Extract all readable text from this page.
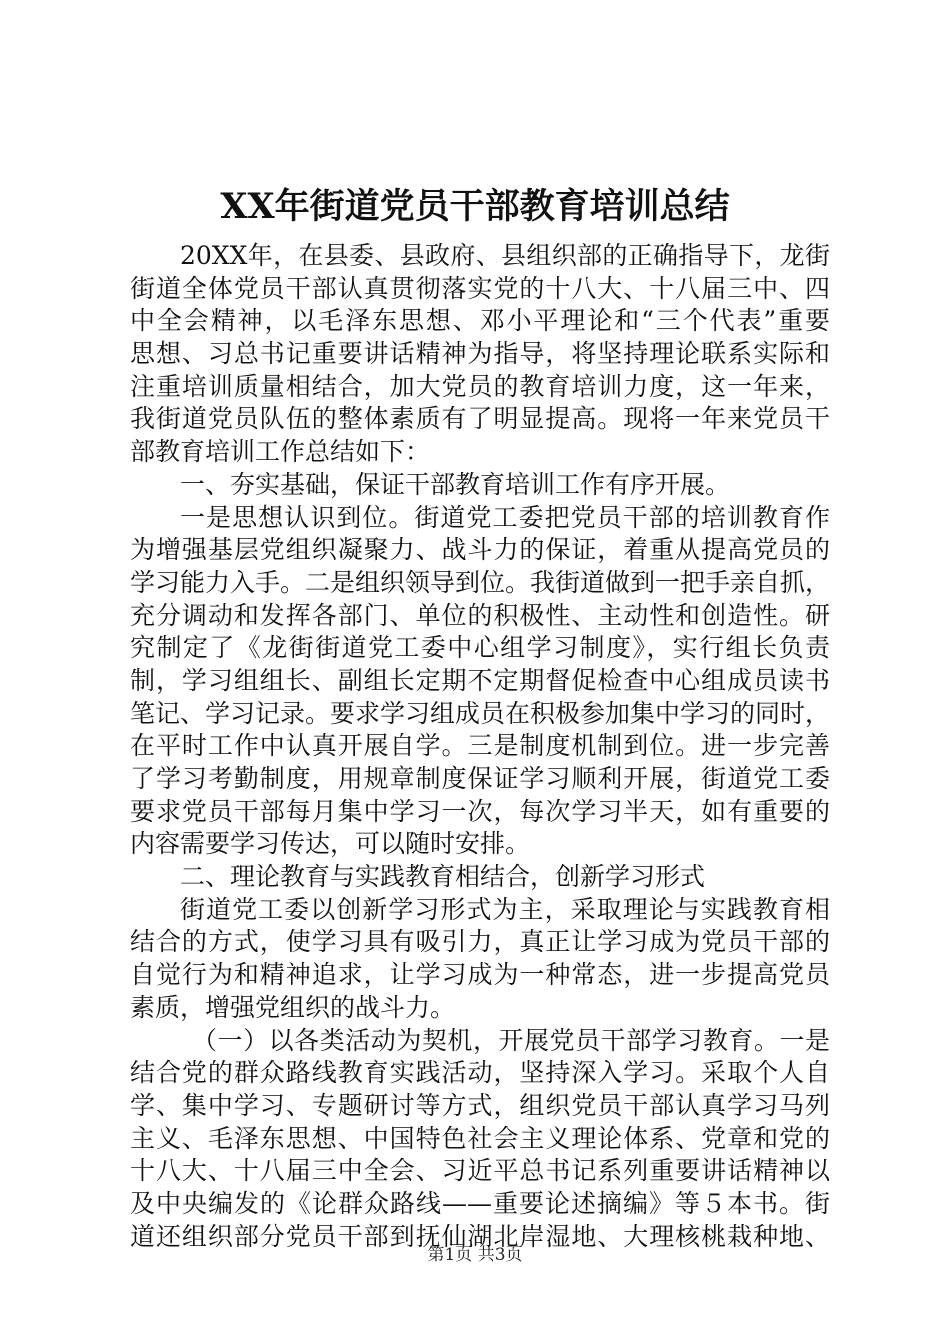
XX年街道党员干部教育培训总结
20XX年，在县委、县政府、县组织部的正确指导下，龙街
街道全体党员干部认真贯彻落实党的十八大、十八届三中、四
中全会精神，以毛泽东思想、邓小平理论和“三个代表”重要
思想、习总书记重要讲话精神为指导，将坚持理论联系实际和
注重培训质量相结合，加大党员的教育培训力度，这一年来，
我街道党员队伍的整体素质有了明显提高。现将一年来党员干
部教育培训工作总结如下：
一、夯实基础，保证干部教育培训工作有序开展。
一是思想认识到位。街道党工委把党员干部的培训教育作
为增强基层党组织凝聚力、战斗力的保证，着重从提高党员的
学习能力入手。二是组织领导到位。我街道做到一把手亲自抓，
充分调动和发挥各部门、单位的积极性、主动性和创造性。研
究制定了《龙街街道党工委中心组学习制度》，实行组长负责
制，学习组组长、副组长定期不定期督促检查中心组成员读书
笔记、学习记录。要求学习组成员在积极参加集中学习的同时，
在平时工作中认真开展自学。三是制度机制到位。进一步完善
了学习考勤制度，用规章制度保证学习顺利开展，街道党工委
要求党员干部每月集中学习一次，每次学习半天，如有重要的
内容需要学习传达，可以随时安排。
二、理论教育与实践教育相结合，创新学习形式
街道党工委以创新学习形式为主，采取理论与实践教育相
结合的方式，使学习具有吸引力，真正让学习成为党员干部的
自觉行为和精神追求，让学习成为一种常态，进一步提高党员
素质，增强党组织的战斗力。
（一）以各类活动为契机，开展党员干部学习教育。一是
结合党的群众路线教育实践活动，坚持深入学习。采取个人自
学、集中学习、专题研讨等方式，组织党员干部认真学习马列
主义、毛泽东思想、中国特色社会主义理论体系、党章和党的
十八大、十八届三中全会、习近平总书记系列重要讲话精神以
及中央编发的《论群众路线——重要论述摘编》等５本书。街
道还组织部分党员干部到抚仙湖北岸湿地、大理核桃栽种地、
第1页 共3页
